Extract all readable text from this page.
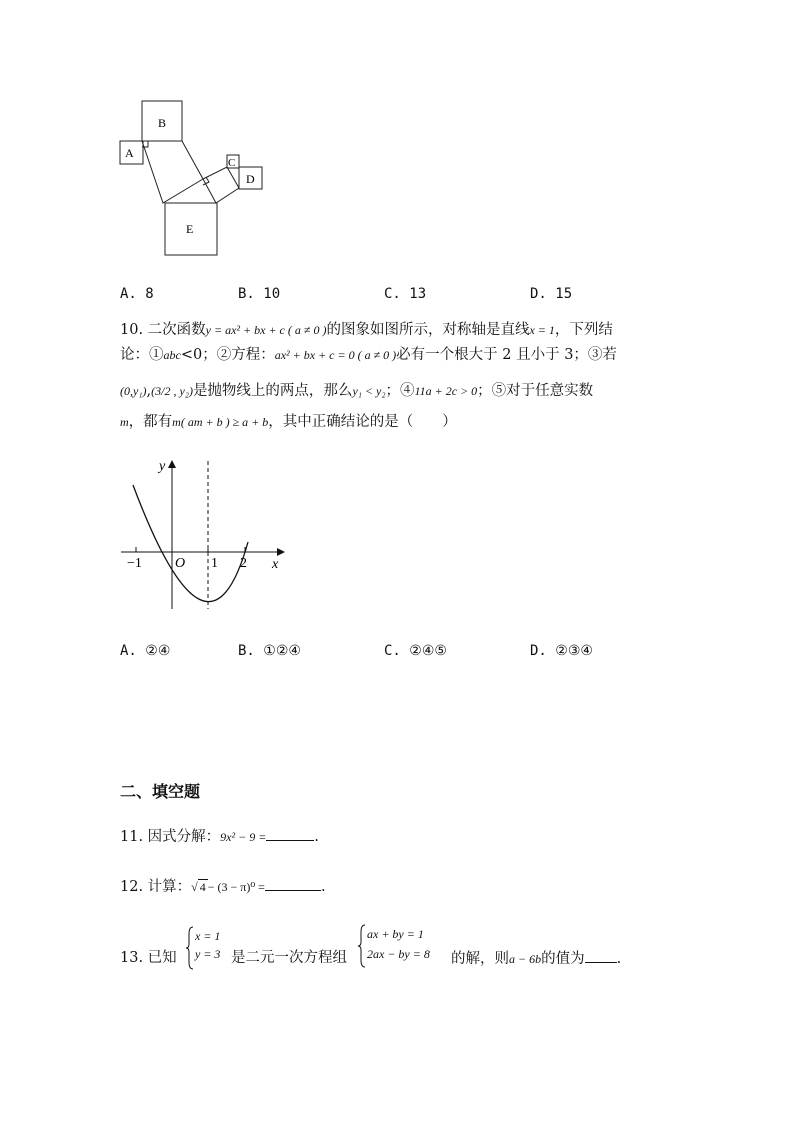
B
A
C
D
E
A. 8	B. 10	C. 13	D. 15
10. 二次函数y = ax² + bx + c ( a ≠ 0 )的图象如图所示，对称轴是直线x = 1，下列结
论：①abc<0；②方程：ax² + bx + c = 0 ( a ≠ 0 )必有一个根大于 2 且小于 3；③若
(0,y₁),(3/2 , y₂)是抛物线上的两点，那么y₁ < y₂；④11a + 2c > 0；⑤对于任意实数
m，都有m( am + b ) ≥ a + b，其中正确结论的是（　　）
y
x
O
−1	1 2
A. ②④	B. ①②④	C. ②④⑤	D. ②③④
二、填空题
11. 因式分解：9x² − 9 =	.
12. 计算：√ 4 − (3 − π)⁰ =	.
13. 已知
x = 1
y = 3 是二元一次方程组
ax + by = 1
2ax − by = 8 的解，则a − 6b的值为 .
